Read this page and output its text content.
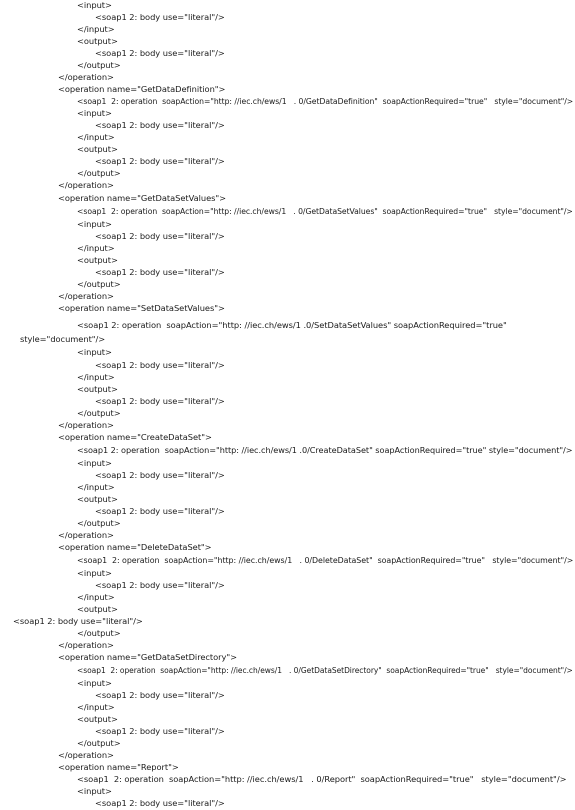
<input>
<soap1 2: body use="literal"/>
</input>
<output>
<soap1 2: body use="literal"/>
</output>
</operation>
<operation name="GetDataDefinition">
<soap1  2: operation  soapAction="http: //iec.ch/ews/1   . 0/GetDataDefinition"  soapActionRequired="true"   style="document"/>
<input>
<soap1 2: body use="literal"/>
</input>
<output>
<soap1 2: body use="literal"/>
</output>
</operation>
<operation name="GetDataSetValues">
<soap1  2: operation  soapAction="http: //iec.ch/ews/1   . 0/GetDataSetValues"  soapActionRequired="true"   style="document"/>
<input>
<soap1 2: body use="literal"/>
</input>
<output>
<soap1 2: body use="literal"/>
</output>
</operation>
<operation name="SetDataSetValues">
<soap1 2: operation  soapAction="http: //iec.ch/ews/1 .0/SetDataSetValues" soapActionRequired="true"
style="document"/>
<input>
<soap1 2: body use="literal"/>
</input>
<output>
<soap1 2: body use="literal"/>
</output>
</operation>
<operation name="CreateDataSet">
<soap1 2: operation  soapAction="http: //iec.ch/ews/1 .0/CreateDataSet" soapActionRequired="true" style="document"/>
<input>
<soap1 2: body use="literal"/>
</input>
<output>
<soap1 2: body use="literal"/>
</output>
</operation>
<operation name="DeleteDataSet">
<soap1  2: operation  soapAction="http: //iec.ch/ews/1   . 0/DeleteDataSet"  soapActionRequired="true"   style="document"/>
<input>
<soap1 2: body use="literal"/>
</input>
<output>
<soap1 2: body use="literal"/>
</output>
</operation>
<operation name="GetDataSetDirectory">
<soap1  2: operation  soapAction="http: //iec.ch/ews/1   . 0/GetDataSetDirectory"  soapActionRequired="true"   style="document"/>
<input>
<soap1 2: body use="literal"/>
</input>
<output>
<soap1 2: body use="literal"/>
</output>
</operation>
<operation name="Report">
<soap1  2: operation  soapAction="http: //iec.ch/ews/1   . 0/Report"  soapActionRequired="true"   style="document"/>
<input>
<soap1 2: body use="literal"/>
